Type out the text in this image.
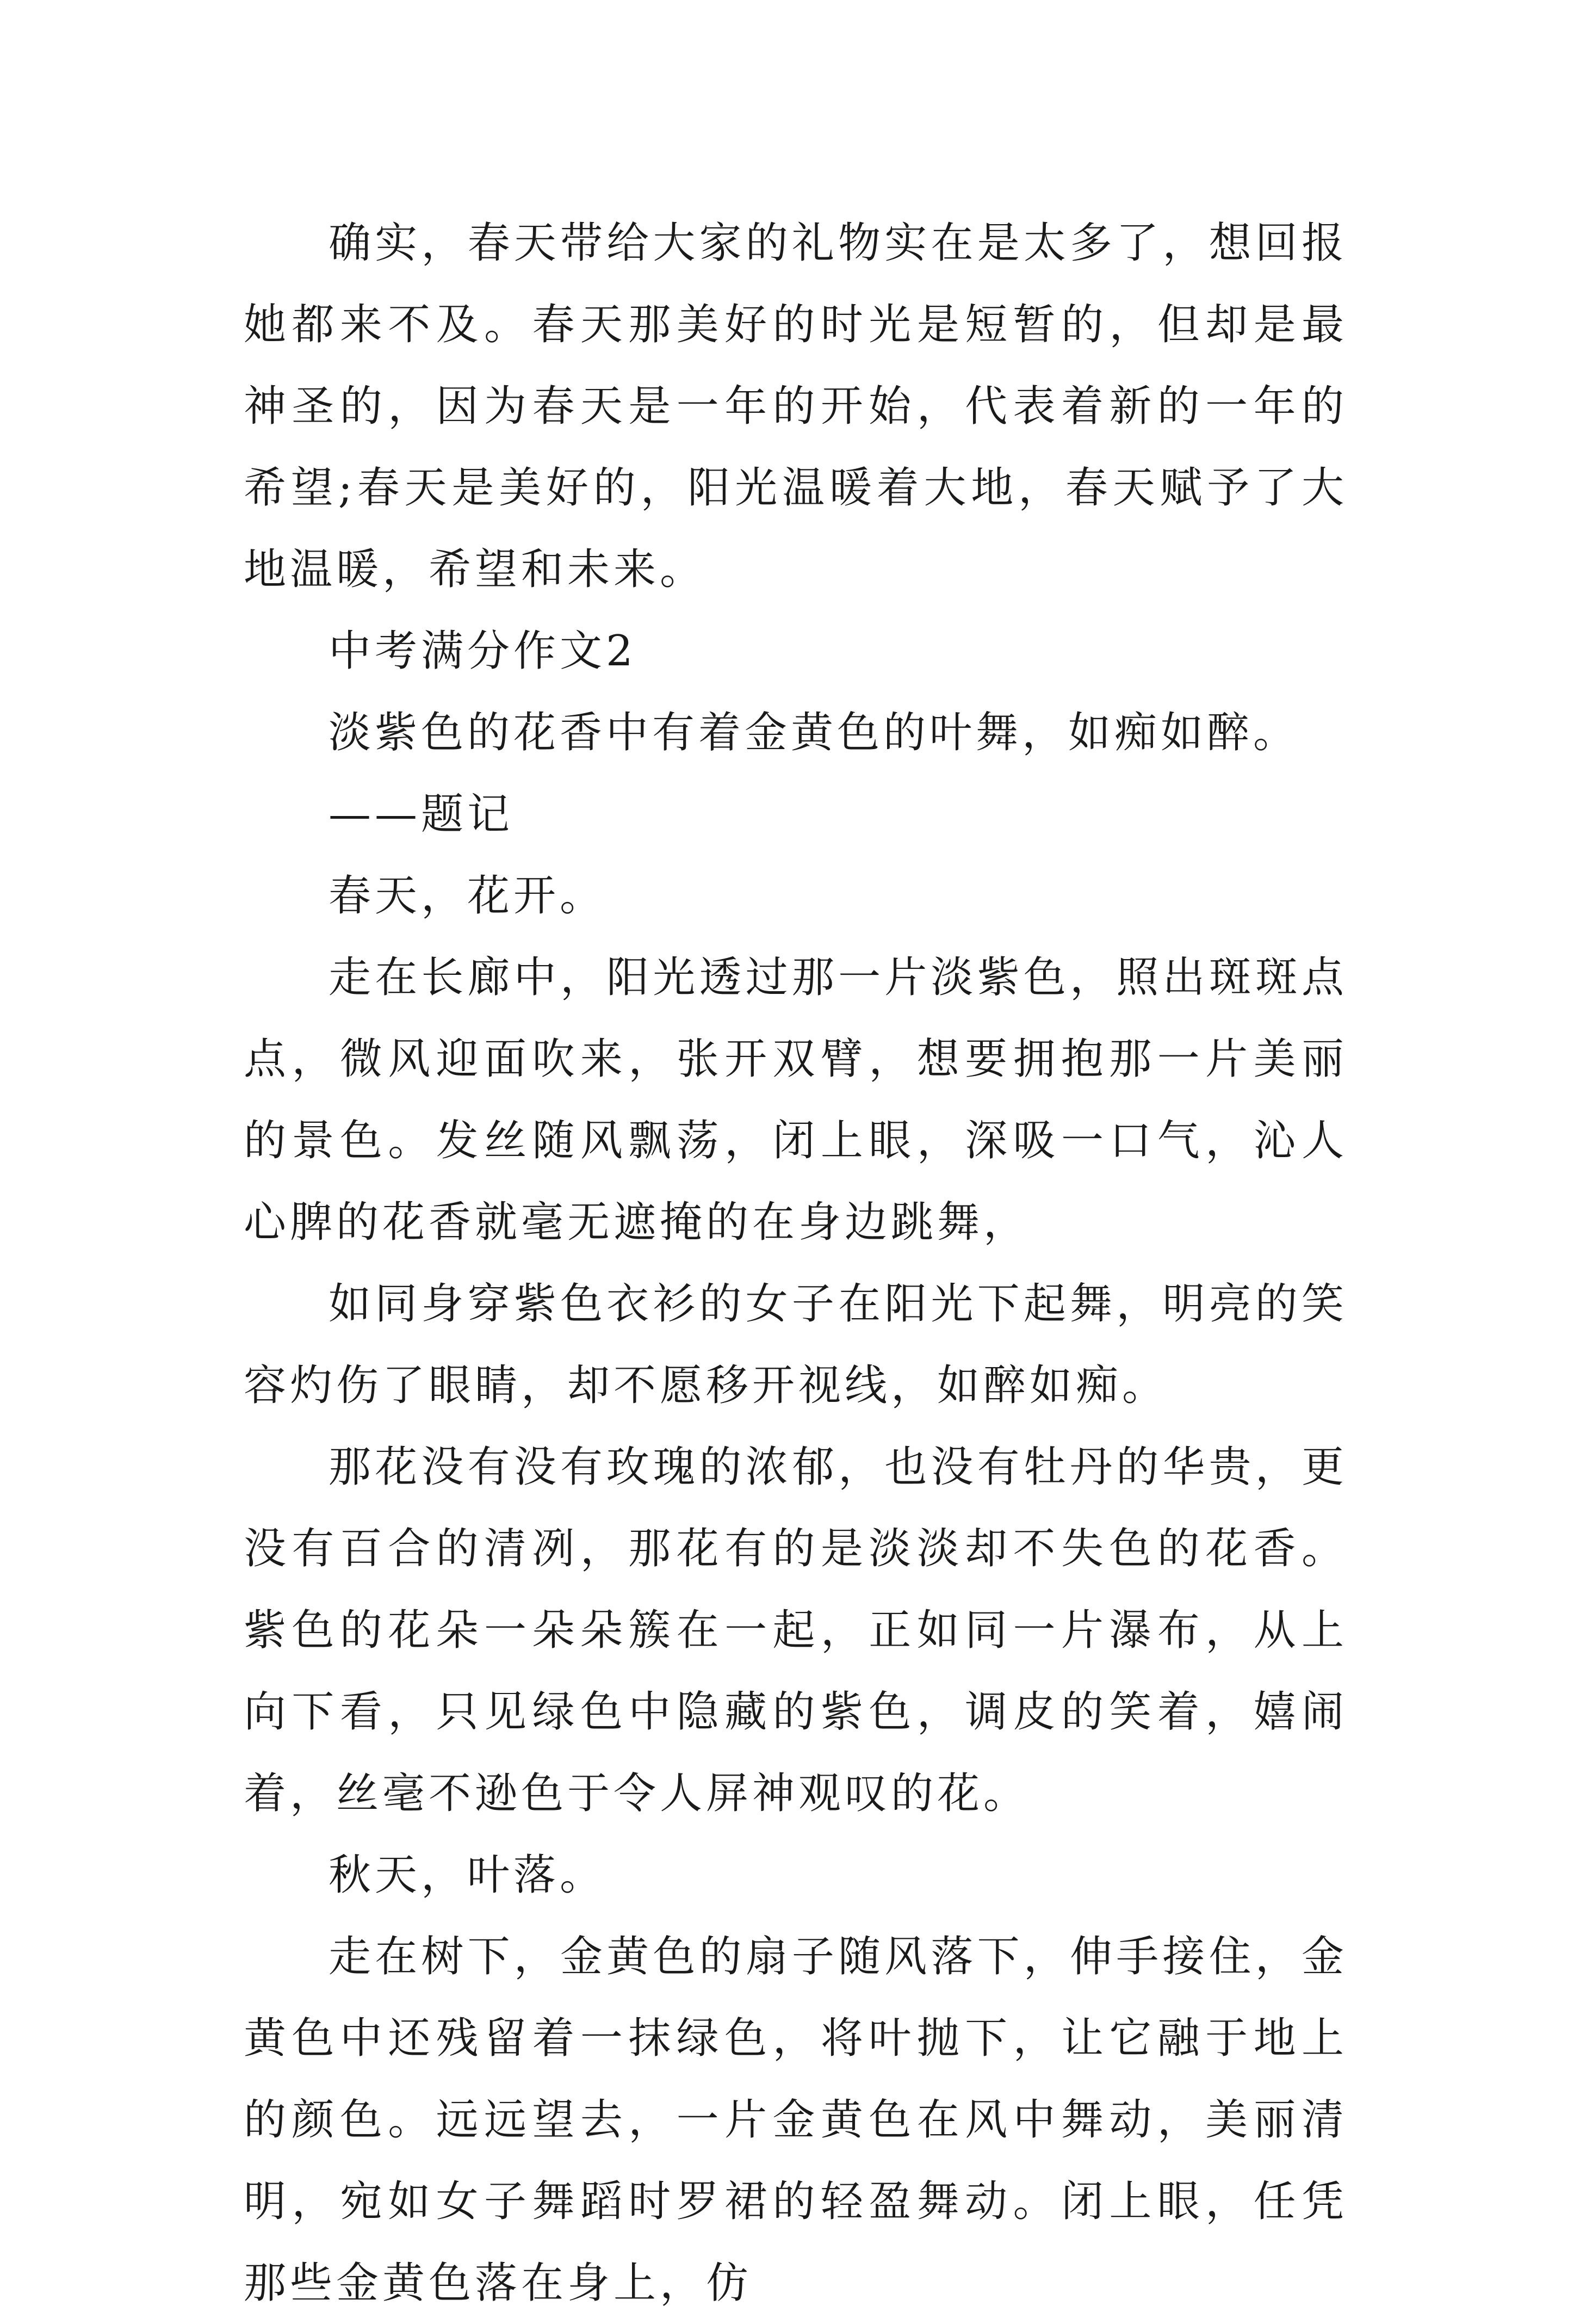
确实，春天带给大家的礼物实在是太多了，想回报她都来不及。春天那美好的时光是短暂的，但却是最神圣的，因为春天是一年的开始，代表着新的一年的希望;春天是美好的，阳光温暖着大地，春天赋予了大地温暖，希望和未来。

中考满分作文2

淡紫色的花香中有着金黄色的叶舞，如痴如醉。

——题记

春天，花开。

走在长廊中，阳光透过那一片淡紫色，照出斑斑点点，微风迎面吹来，张开双臂，想要拥抱那一片美丽的景色。发丝随风飘荡，闭上眼，深吸一口气，沁人心脾的花香就毫无遮掩的在身边跳舞，

如同身穿紫色衣衫的女子在阳光下起舞，明亮的笑容灼伤了眼睛，却不愿移开视线，如醉如痴。

那花没有没有玫瑰的浓郁，也没有牡丹的华贵，更没有百合的清冽，那花有的是淡淡却不失色的花香。紫色的花朵一朵朵簇在一起，正如同一片瀑布，从上向下看，只见绿色中隐藏的紫色，调皮的笑着，嬉闹着，丝毫不逊色于令人屏神观叹的花。

秋天，叶落。

走在树下，金黄色的扇子随风落下，伸手接住，金黄色中还残留着一抹绿色，将叶抛下，让它融于地上的颜色。远远望去，一片金黄色在风中舞动，美丽清明，宛如女子舞蹈时罗裙的轻盈舞动。闭上眼，任凭那些金黄色落在身上，仿
